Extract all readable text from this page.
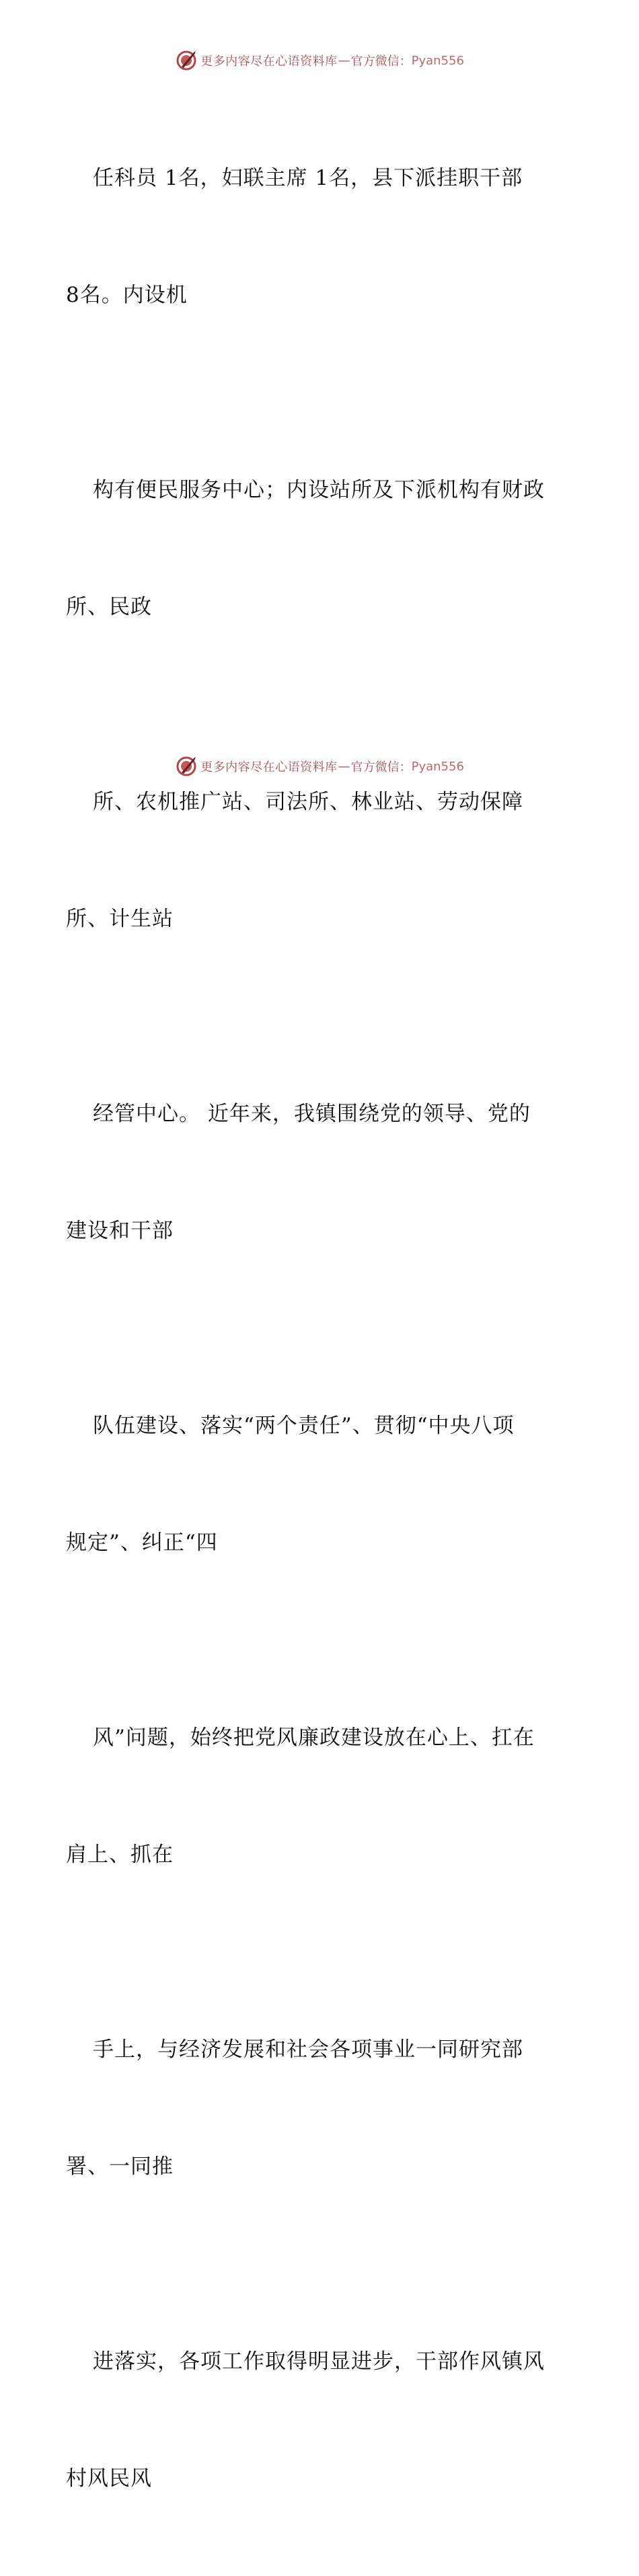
更多内容尽在心语资料库 — 官方微信： Pyan556

任科员 1名，妇联主席 1名，县下派挂职干部

8名。内设机

构有便民服务中心；内设站所及下派机构有财政

所、民政

所、农机推广站、司法所、林业站、劳动保障

所、计生站

经管中心。 近年来，我镇围绕党的领导、党的

建设和干部

队伍建设、落实“两个责任”、贯彻“中央八项

规定”、纠正“四

风”问题，始终把党风廉政建设放在心上、扛在

肩上、抓在

手上，与经济发展和社会各项事业一同研究部

署、一同推

进落实，各项工作取得明显进步，干部作风镇风

村风民风

更多内容尽在心语资料库 — 官方微信： Pyan556
